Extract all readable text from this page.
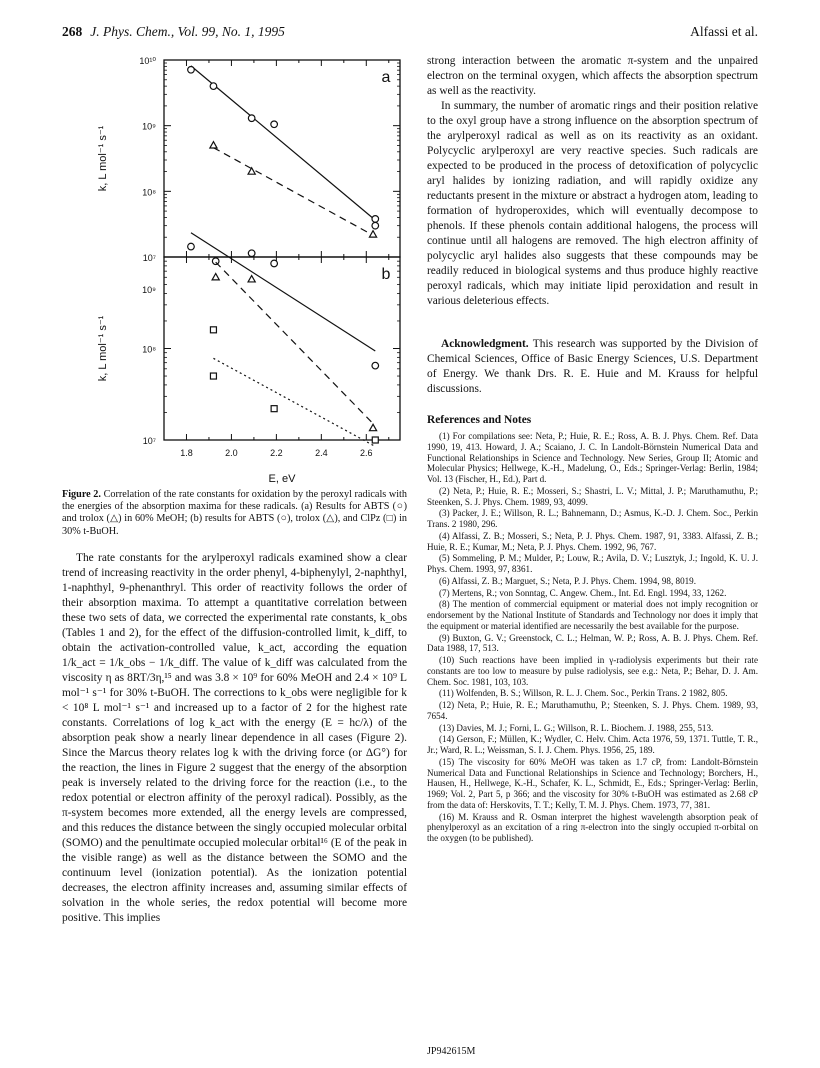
268 J. Phys. Chem., Vol. 99, No. 1, 1995	Alfassi et al.
10¹⁰
10⁹
10⁸
10⁷
k, L mol⁻¹ s⁻¹
a
10⁸
10⁷
10⁹
k, L mol⁻¹ s⁻¹
b
1.8	2.0	2.2	2.4	2.6
E, eV
Figure 2. Correlation of the rate constants for oxidation by the peroxyl radicals with the energies of the absorption maxima for these radicals. (a) Results for ABTS (○) and trolox (△) in 60% MeOH; (b) results for ABTS (○), trolox (△), and ClPz (□) in 30% t-BuOH.

The rate constants for the arylperoxyl radicals examined show a clear trend of increasing reactivity in the order phenyl, 4-biphenylyl, 2-naphthyl, 1-naphthyl, 9-phenanthryl. This order of reactivity follows the order of their absorption maxima. To attempt a quantitative correlation between these two sets of data, we corrected the experimental rate constants, k_obs (Tables 1 and 2), for the effect of the diffusion-controlled limit, k_diff, to obtain the activation-controlled value, k_act, according the equation 1/k_act = 1/k_obs − 1/k_diff. The value of k_diff was calculated from the viscosity η as 8RT/3η,¹⁵ and was 3.8 × 10⁹ for 60% MeOH and 2.4 × 10⁹ L mol⁻¹ s⁻¹ for 30% t-BuOH. The corrections to k_obs were negligible for k < 10⁸ L mol⁻¹ s⁻¹ and increased up to a factor of 2 for the highest rate constants. Correlations of log k_act with the energy (E = hc/λ) of the absorption peak show a nearly linear dependence in all cases (Figure 2). Since the Marcus theory relates log k with the driving force (or ΔG°) for the reaction, the lines in Figure 2 suggest that the energy of the absorption peak is inversely related to the driving force for the reaction (i.e., to the redox potential or electron affinity of the peroxyl radical). Possibly, as the π-system becomes more extended, all the energy levels are compressed, and this reduces the distance between the singly occupied molecular orbital (SOMO) and the penultimate occupied molecular orbital¹⁶ (E of the peak in the visible range) as well as the distance between the SOMO and the continuum level (ionization potential). As the ionization potential decreases, the electron affinity increases and, assuming similar effects of solvation in the whole series, the redox potential will become more positive. This implies

strong interaction between the aromatic π-system and the unpaired electron on the terminal oxygen, which affects the absorption spectrum as well as the reactivity.

In summary, the number of aromatic rings and their position relative to the oxyl group have a strong influence on the absorption spectrum of the arylperoxyl radical as well as on its reactivity as an oxidant. Polycyclic arylperoxyl are very reactive species. Such radicals are expected to be produced in the process of detoxification of polycyclic aryl halides by ionizing radiation, and will rapidly oxidize any reductants present in the mixture or abstract a hydrogen atom, leading to formation of hydroperoxides, which will eventually decompose to phenols. If these phenols contain additional halogens, the process will continue until all halogens are removed. The high electron affinity of polycyclic aryl halides also suggests that these compounds may be readily reduced in biological systems and thus produce highly reactive peroxyl radicals, which may initiate lipid peroxidation and result in various deleterious effects.

Acknowledgment. This research was supported by the Division of Chemical Sciences, Office of Basic Energy Sciences, U.S. Department of Energy. We thank Drs. R. E. Huie and M. Krauss for helpful discussions.

References and Notes

(1) For compilations see: Neta, P.; Huie, R. E.; Ross, A. B. J. Phys. Chem. Ref. Data 1990, 19, 413. Howard, J. A.; Scaiano, J. C. In Landolt-Börnstein Numerical Data and Functional Relationships in Science and Technology. New Series, Group II; Atomic and Molecular Physics; Hellwege, K.-H., Madelung, O., Eds.; Springer-Verlag: Berlin, 1984; Vol. 13 (Fischer, H., Ed.), Part d.

(2) Neta, P.; Huie, R. E.; Mosseri, S.; Shastri, L. V.; Mittal, J. P.; Maruthamuthu, P.; Steenken, S. J. Phys. Chem. 1989, 93, 4099.

(3) Packer, J. E.; Willson, R. L.; Bahnemann, D.; Asmus, K.-D. J. Chem. Soc., Perkin Trans. 2 1980, 296.

(4) Alfassi, Z. B.; Mosseri, S.; Neta, P. J. Phys. Chem. 1987, 91, 3383. Alfassi, Z. B.; Huie, R. E.; Kumar, M.; Neta, P. J. Phys. Chem. 1992, 96, 767.

(5) Sommeling, P. M.; Mulder, P.; Louw, R.; Avila, D. V.; Lusztyk, J.; Ingold, K. U. J. Phys. Chem. 1993, 97, 8361.

(6) Alfassi, Z. B.; Marguet, S.; Neta, P. J. Phys. Chem. 1994, 98, 8019.

(7) Mertens, R.; von Sonntag, C. Angew. Chem., Int. Ed. Engl. 1994, 33, 1262.

(8) The mention of commercial equipment or material does not imply recognition or endorsement by the National Institute of Standards and Technology nor does it imply that the equipment or material identified are necessarily the best available for the purpose.

(9) Buxton, G. V.; Greenstock, C. L.; Helman, W. P.; Ross, A. B. J. Phys. Chem. Ref. Data 1988, 17, 513.

(10) Such reactions have been implied in γ-radiolysis experiments but their rate constants are too low to measure by pulse radiolysis, see e.g.: Neta, P.; Behar, D. J. Am. Chem. Soc. 1981, 103, 103.

(11) Wolfenden, B. S.; Willson, R. L. J. Chem. Soc., Perkin Trans. 2 1982, 805.

(12) Neta, P.; Huie, R. E.; Maruthamuthu, P.; Steenken, S. J. Phys. Chem. 1989, 93, 7654.

(13) Davies, M. J.; Forni, L. G.; Willson, R. L. Biochem. J. 1988, 255, 513.

(14) Gerson, F.; Müllen, K.; Wydler, C. Helv. Chim. Acta 1976, 59, 1371. Tuttle, T. R., Jr.; Ward, R. L.; Weissman, S. I. J. Chem. Phys. 1956, 25, 189.

(15) The viscosity for 60% MeOH was taken as 1.7 cP, from: Landolt-Börnstein Numerical Data and Functional Relationships in Science and Technology; Borchers, H., Hausen, H., Hellwege, K.-H., Schafer, K. L., Schmidt, E., Eds.; Springer-Verlag: Berlin, 1969; Vol. 2, Part 5, p 366; and the viscosity for 30% t-BuOH was estimated as 2.68 cP from the data of: Herskovits, T. T.; Kelly, T. M. J. Phys. Chem. 1973, 77, 381.

(16) M. Krauss and R. Osman interpret the highest wavelength absorption peak of phenylperoxyl as an excitation of a ring π-electron into the singly occupied π-orbital on the oxygen (to be published).

JP942615M
